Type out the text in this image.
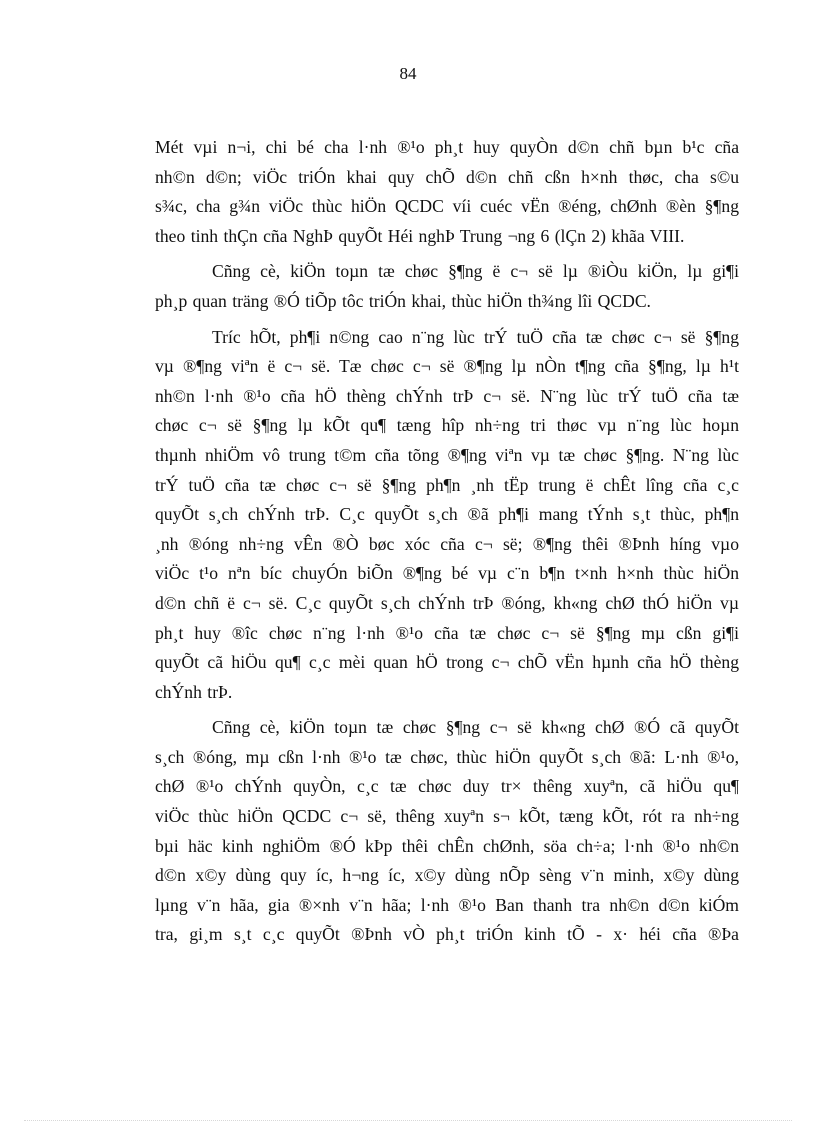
84

Mét vµi n¬i, chi bé cha l·nh ®¹o ph¸t huy quyÒn d©n chñ bµn b¹c cña
nh©n d©n; viÖc triÓn khai quy chÕ d©n chñ cßn h×nh thøc, cha s©u
s¾c, cha g¾n viÖc thùc hiÖn QCDC víi cuéc vËn ®éng, chØnh ®èn §¶ng
theo tinh thÇn cña NghÞ quyÕt Héi nghÞ Trung ¬ng 6 (lÇn 2) khãa VIII.

Cñng cè, kiÖn toµn tæ chøc §¶ng ë c¬ së lµ ®iÒu kiÖn, lµ gi¶i
ph¸p quan träng ®Ó tiÕp tôc triÓn khai, thùc hiÖn th¾ng lîi QCDC.

Tríc hÕt, ph¶i n©ng cao n¨ng lùc trÝ tuÖ cña tæ chøc c¬ së §¶ng
vµ ®¶ng viªn ë c¬ së. Tæ chøc c¬ së ®¶ng lµ nÒn t¶ng cña §¶ng, lµ h¹t
nh©n l·nh ®¹o cña hÖ thèng chÝnh trÞ c¬ së. N¨ng lùc trÝ tuÖ cña tæ
chøc c¬ së §¶ng lµ kÕt qu¶ tæng hîp nh÷ng tri thøc vµ n¨ng lùc hoµn
thµnh nhiÖm vô trung t©m cña tõng ®¶ng viªn vµ tæ chøc §¶ng. N¨ng lùc
trÝ tuÖ cña tæ chøc c¬ së §¶ng ph¶n ¸nh tËp trung ë chÊt lîng cña c¸c
quyÕt s¸ch chÝnh trÞ. C¸c quyÕt s¸ch ®ã ph¶i mang tÝnh s¸t thùc, ph¶n
¸nh ®óng nh÷ng vÊn ®Ò bøc xóc cña c¬ së; ®¶ng thêi ®Þnh híng vµo
viÖc t¹o nªn bíc chuyÓn biÕn ®¶ng bé vµ c¨n b¶n t×nh h×nh thùc hiÖn
d©n chñ ë c¬ së. C¸c quyÕt s¸ch chÝnh trÞ ®óng, kh«ng chØ thÓ hiÖn vµ
ph¸t huy ®îc chøc n¨ng l·nh ®¹o cña tæ chøc c¬ së §¶ng mµ cßn gi¶i
quyÕt cã hiÖu qu¶ c¸c mèi quan hÖ trong c¬ chÕ vËn hµnh cña hÖ thèng
chÝnh trÞ.

Cñng cè, kiÖn toµn tæ chøc §¶ng c¬ së kh«ng chØ ®Ó cã quyÕt
s¸ch ®óng, mµ cßn l·nh ®¹o tæ chøc, thùc hiÖn quyÕt s¸ch ®ã: L·nh ®¹o,
chØ ®¹o chÝnh quyÒn, c¸c tæ chøc duy tr× thêng xuyªn, cã hiÖu qu¶
viÖc thùc hiÖn QCDC c¬ së, thêng xuyªn s¬ kÕt, tæng kÕt, rót ra nh÷ng
bµi häc kinh nghiÖm ®Ó kÞp thêi chÊn chØnh, söa ch÷a; l·nh ®¹o nh©n
d©n x©y dùng quy íc, h¬ng íc, x©y dùng nÕp sèng v¨n minh, x©y dùng
lµng v¨n hãa, gia ®×nh v¨n hãa; l·nh ®¹o Ban thanh tra nh©n d©n kiÓm
tra, gi¸m s¸t c¸c quyÕt ®Þnh vÒ ph¸t triÓn kinh tÕ - x· héi cña ®Þa
